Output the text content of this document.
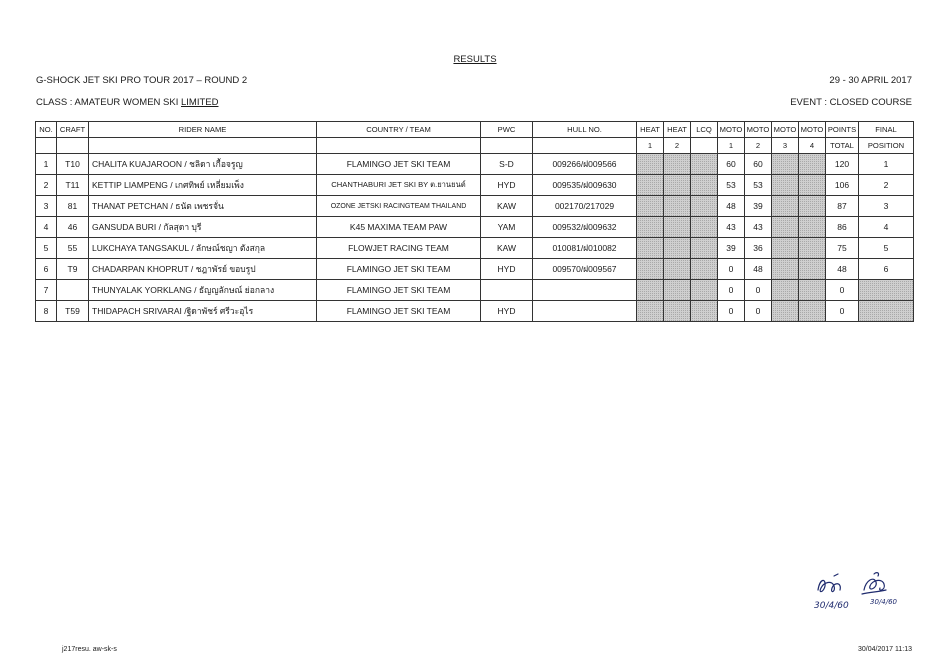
RESULTS
G-SHOCK JET SKI PRO TOUR 2017 – ROUND 2	29 - 30 APRIL 2017
CLASS : AMATEUR WOMEN SKI LIMITED	EVENT : CLOSED COURSE
NO.	CRAFT	RIDER NAME	COUNTRY / TEAM	PWC	HULL NO.	HEAT	HEAT	LCQ	MOTO	MOTO	MOTO	MOTO	POINTS	FINAL
						1	2		1	2	3	4	TOTAL	POSITION
1	T10	CHALITA KUAJAROON / ชลิดา เกื้อจรูญ	FLAMINGO JET SKI TEAM	S-D	009266/ฝ009566				60	60			120	1
2	T11	KETTIP LIAMPENG / เกศทิพย์ เหลี่ยมเพ็ง	CHANTHABURI JET SKI BY ต.ยานยนต์	HYD	009535/ฝ009630				53	53			106	2
3	81	THANAT PETCHAN / ธนัต เพชรจั่น	OZONE JETSKI RACINGTEAM THAILAND	KAW	002170/217029				48	39			87	3
4	46	GANSUDA BURI / กัลสุดา บุรี	K45 MAXIMA TEAM PAW	YAM	009532/ฝ009632				43	43			86	4
5	55	LUKCHAYA TANGSAKUL / ลักษณ์ชญา ตังสกุล	FLOWJET RACING TEAM	KAW	010081/ฝ010082				39	36			75	5
6	T9	CHADARPAN KHOPRUT / ชฎาพัรย์ ขอบรูป	FLAMINGO JET SKI TEAM	HYD	009570/ฝ009567				0	48			48	6
7		THUNYALAK YORKLANG / ธัญญลักษณ์ ย่อกลาง	FLAMINGO JET SKI TEAM						0	0			0	
8	T59	THIDAPACH SRIVARAI /ฐิดาพัชร์ ศรีวะอุไร	FLAMINGO JET SKI TEAM	HYD					0	0			0	
30/4/60	30/4/60
j217resu. aw-sk-s	30/04/2017 11:13
